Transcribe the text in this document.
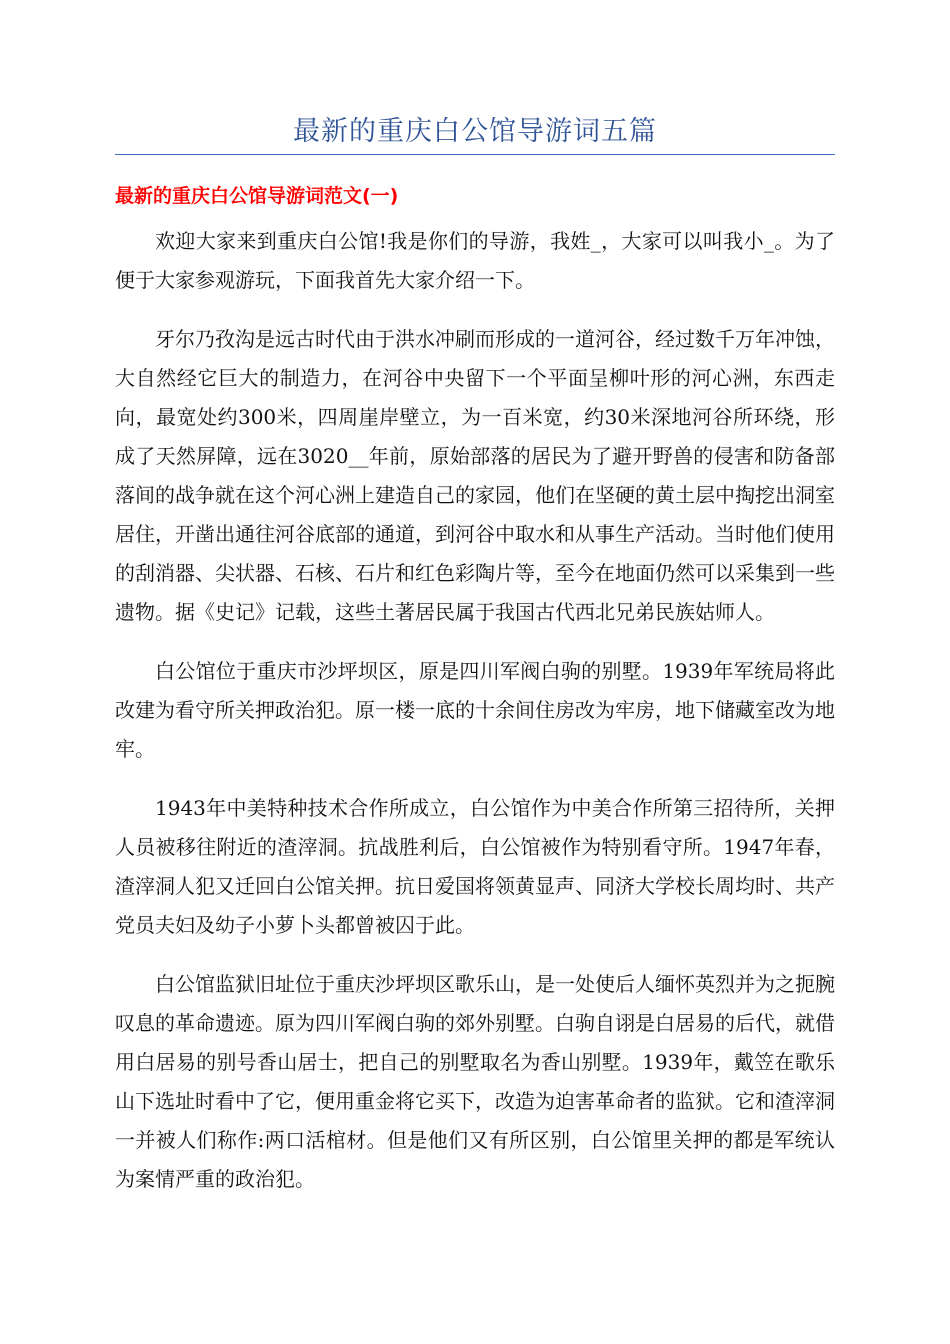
最新的重庆白公馆导游词五篇
最新的重庆白公馆导游词范文(一)

欢迎大家来到重庆白公馆!我是你们的导游，我姓_，大家可以叫我小_。为了便于大家参观游玩，下面我首先大家介绍一下。

牙尔乃孜沟是远古时代由于洪水冲刷而形成的一道河谷，经过数千万年冲蚀，大自然经它巨大的制造力，在河谷中央留下一个平面呈柳叶形的河心洲，东西走向，最宽处约300米，四周崖岸壁立，为一百米宽，约30米深地河谷所环绕，形成了天然屏障，远在3020__年前，原始部落的居民为了避开野兽的侵害和防备部落间的战争就在这个河心洲上建造自己的家园，他们在坚硬的黄土层中掏挖出洞室居住，开凿出通往河谷底部的通道，到河谷中取水和从事生产活动。当时他们使用的刮消器、尖状器、石核、石片和红色彩陶片等，至今在地面仍然可以采集到一些遗物。据《史记》记载，这些土著居民属于我国古代西北兄弟民族姑师人。

白公馆位于重庆市沙坪坝区，原是四川军阀白驹的别墅。1939年军统局将此改建为看守所关押政治犯。原一楼一底的十余间住房改为牢房，地下储藏室改为地牢。

1943年中美特种技术合作所成立，白公馆作为中美合作所第三招待所，关押人员被移往附近的渣滓洞。抗战胜利后，白公馆被作为特别看守所。1947年春，渣滓洞人犯又迁回白公馆关押。抗日爱国将领黄显声、同济大学校长周均时、共产党员夫妇及幼子小萝卜头都曾被囚于此。

白公馆监狱旧址位于重庆沙坪坝区歌乐山，是一处使后人缅怀英烈并为之扼腕叹息的革命遗迹。原为四川军阀白驹的郊外别墅。白驹自诩是白居易的后代，就借用白居易的别号香山居士，把自己的别墅取名为香山别墅。1939年，戴笠在歌乐山下选址时看中了它，便用重金将它买下，改造为迫害革命者的监狱。它和渣滓洞一并被人们称作:两口活棺材。但是他们又有所区别，白公馆里关押的都是军统认为案情严重的政治犯。
